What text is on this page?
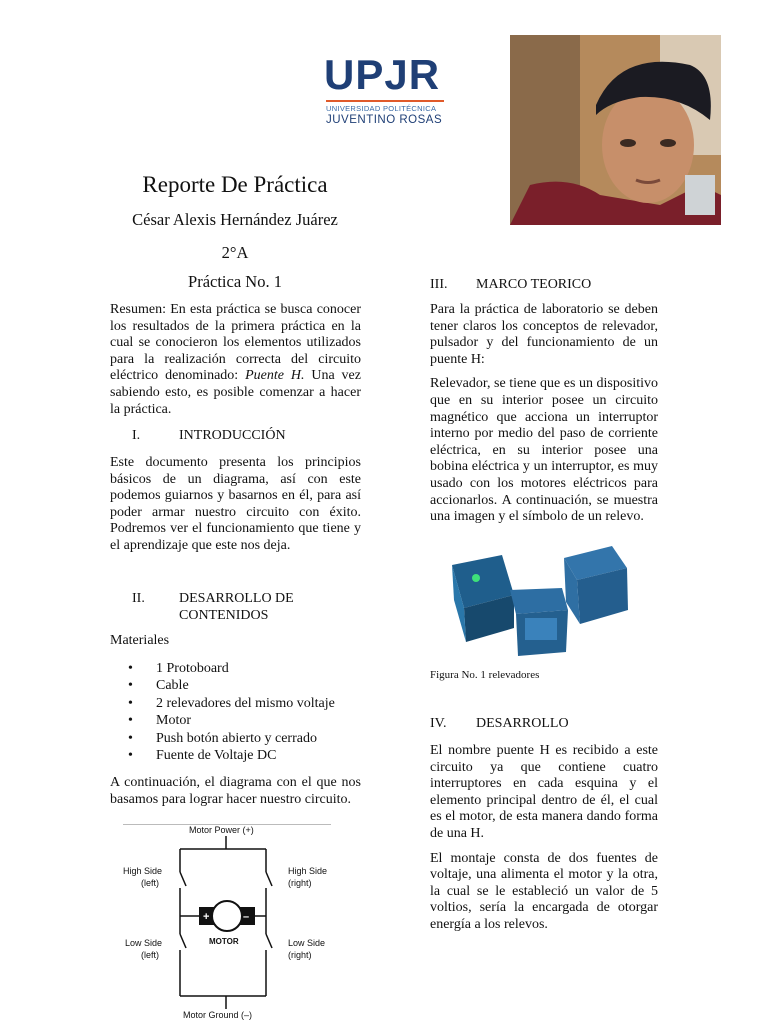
UPJR
UNIVERSIDAD POLITÉCNICA
JUVENTINO ROSAS
Reporte De Práctica
César Alexis Hernández Juárez
2°A
Práctica No. 1

Resumen: En esta práctica se busca conocer los resultados de la primera práctica en la cual se conocieron los elementos utilizados para la realización correcta del circuito eléctrico denominado: Puente H. Una vez sabiendo esto, es posible comenzar a hacer la práctica.

I.	INTRODUCCIÓN

Este documento presenta los principios básicos de un diagrama, así con este podemos guiarnos y basarnos en él, para así poder armar nuestro circuito con éxito. Podremos ver el funcionamiento que tiene y el aprendizaje que este nos deja.

II.	DESARROLLO DE CONTENIDOS
Materiales
• 1 Protoboard
• Cable
• 2 relevadores del mismo voltaje
• Motor
• Push botón abierto y cerrado
• Fuente de Voltaje DC

A continuación, el diagrama con el que nos basamos para lograr hacer nuestro circuito.

Motor Power (+)
+	–
MOTOR
High Side
(left)
High Side
(right)
Low Side
(left)
Low Side
(right)
Motor Ground (–)
III.	MARCO TEORICO

Para la práctica de laboratorio se deben tener claros los conceptos de relevador, pulsador y del funcionamiento de un puente H:

Relevador, se tiene que es un dispositivo que en su interior posee un circuito magnético que acciona un interruptor interno por medio del paso de corriente eléctrica, en su interior posee una bobina eléctrica y un interruptor, es muy usado con los motores eléctricos para accionarlos. A continuación, se muestra una imagen y el símbolo de un relevo.

Figura No. 1 relevadores
IV.	DESARROLLO

El nombre puente H es recibido a este circuito ya que contiene cuatro interruptores en cada esquina y el elemento principal dentro de él, el cual es el motor, de esta manera dando forma de una H.

El montaje consta de dos fuentes de voltaje, una alimenta el motor y la otra, la cual se le estableció un valor de 5 voltios, sería la encargada de otorgar energía a los relevos.
